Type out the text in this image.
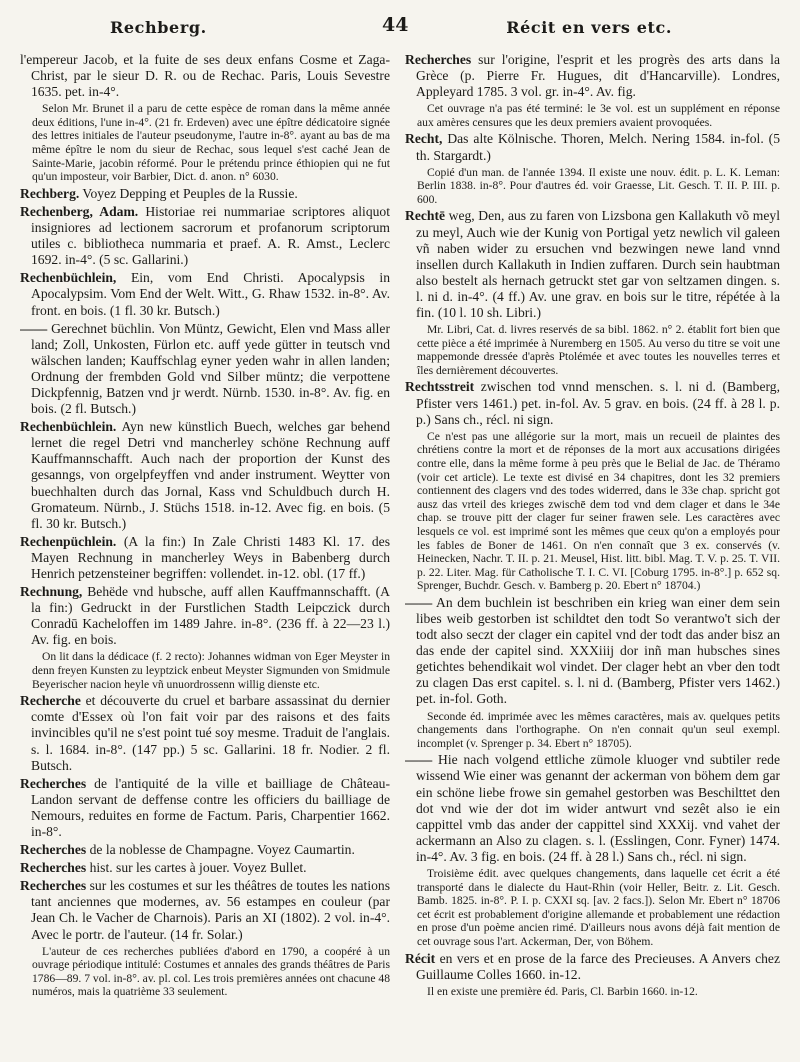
Rechberg.	44	Récit en vers etc.

l'empereur Jacob, et la fuite de ses deux enfans Cosme et Zaga-Christ, par le sieur D. R. ou de Rechac. Paris, Louis Sevestre 1635. pet. in-4°.

Selon Mr. Brunet il a paru de cette espèce de roman dans la même année deux éditions, l'une in-4°. (21 fr. Erdeven) avec une épître dédicatoire signée des lettres initiales de l'auteur pseudonyme, l'autre in-8°. ayant au bas de ma même épître le nom du sieur de Rechac, sous lequel s'est caché Jean de Sainte-Marie, jacobin réformé. Pour le prétendu prince éthiopien qui ne fut qu'un imposteur, voir Barbier, Dict. d. anon. n° 6030.

Rechberg. Voyez Depping et Peuples de la Russie.

Rechenberg, Adam. Historiae rei nummariae scriptores aliquot insigniores ad lectionem sacrorum et profanorum scriptorum utiles c. bibliotheca nummaria et praef. A. R. Amst., Leclerc 1692. in-4°. (5 sc. Gallarini.)

Rechenbüchlein, Ein, vom End Christi. Apocalypsis in Apocalypsim. Vom End der Welt. Witt., G. Rhaw 1532. in-8°. Av. front. en bois. (1 fl. 30 kr. Butsch.)

—— Gerechnet büchlin. Von Müntz, Gewicht, Elen vnd Mass aller land; Zoll, Unkosten, Fürlon etc. auff yede gütter in teutsch vnd wälschen landen; Kauffschlag eyner yeden wahr in allen landen; Ordnung der frembden Gold vnd Silber müntz; die verpottene Dickpfennig, Batzen vnd jr werdt. Nürnb. 1530. in-8°. Av. fig. en bois. (2 fl. Butsch.)

Rechenbüchlein. Ayn new künstlich Buech, welches gar behend lernet die regel Detri vnd mancherley schöne Rechnung auff Kauffmannschafft. Auch nach der proportion der Kunst des gesanngs, von orgelpfeyffen vnd ander instrument. Weytter von buechhalten durch das Jornal, Kass vnd Schuldbuch durch H. Gromateum. Nürnb., J. Stüchs 1518. in-12. Avec fig. en bois. (5 fl. 30 kr. Butsch.)

Rechenpüchlein. (A la fin:) In Zale Christi 1483 Kl. 17. des Mayen Rechnung in mancherley Weys in Babenberg durch Henrich petzensteiner begriffen: vollendet. in-12. obl. (17 ff.)

Rechnung, Behëde vnd hubsche, auff allen Kauffmannschafft. (A la fin:) Gedruckt in der Furstlichen Stadth Leipczick durch Conradū Kacheloffen im 1489 Jahre. in-8°. (236 ff. à 22—23 l.) Av. fig. en bois.

On lit dans la dédicace (f. 2 recto): Johannes widman von Eger Meyster in denn freyen Kunsten zu leyptzick enbeut Meyster Sigmunden von Smidmule Beyerischer nacion heyle vñ unuordrossenn willig dienste etc.

Recherche et découverte du cruel et barbare assassinat du dernier comte d'Essex où l'on fait voir par des raisons et des faits invincibles qu'il ne s'est point tué soy mesme. Traduit de l'anglais. s. l. 1684. in-8°. (147 pp.) 5 sc. Gallarini. 18 fr. Nodier. 2 fl. Butsch.

Recherches de l'antiquité de la ville et bailliage de Château-Landon servant de deffense contre les officiers du bailliage de Nemours, reduites en forme de Factum. Paris, Charpentier 1662. in-8°.

Recherches de la noblesse de Champagne. Voyez Caumartin.

Recherches hist. sur les cartes à jouer. Voyez Bullet.

Recherches sur les costumes et sur les théâtres de toutes les nations tant anciennes que modernes, av. 56 estampes en couleur (par Jean Ch. le Vacher de Charnois). Paris an XI (1802). 2 vol. in-4°. Avec le portr. de l'auteur. (14 fr. Solar.)

L'auteur de ces recherches publiées d'abord en 1790, a coopéré à un ouvrage périodique intitulé: Costumes et annales des grands théâtres de Paris 1786—89. 7 vol. in-8°. av. pl. col. Les trois premières années ont chacune 48 numéros, mais la quatrième 33 seulement.

Recherches sur l'origine, l'esprit et les progrès des arts dans la Grèce (p. Pierre Fr. Hugues, dit d'Hancarville). Londres, Appleyard 1785. 3 vol. gr. in-4°. Av. fig.

Cet ouvrage n'a pas été terminé: le 3e vol. est un supplément en réponse aux amères censures que les deux premiers avaient provoquées.

Recht, Das alte Kölnische. Thoren, Melch. Nering 1584. in-fol. (5 th. Stargardt.)

Copié d'un man. de l'année 1394. Il existe une nouv. édit. p. L. K. Leman: Berlin 1838. in-8°. Pour d'autres éd. voir Graesse, Lit. Gesch. T. II. P. III. p. 600.

Rechtē weg, Den, aus zu faren von Lizsbona gen Kallakuth võ meyl zu meyl, Auch wie der Kunig von Portigal yetz newlich vil galeen vñ naben wider zu ersuchen vnd bezwingen newe land vnnd insellen durch Kallakuth in Indien zuffaren. Durch sein haubtman also bestelt als hernach getruckt stet gar von seltzamen dingen. s. l. ni d. in-4°. (4 ff.) Av. une grav. en bois sur le titre, répétée à la fin. (10 l. 10 sh. Libri.)

Mr. Libri, Cat. d. livres reservés de sa bibl. 1862. n° 2. établit fort bien que cette pièce a été imprimée à Nuremberg en 1505. Au verso du titre se voit une mappemonde dressée d'après Ptolémée et avec toutes les nouvelles terres et îles dernièrement découvertes.

Rechtsstreit zwischen tod vnnd menschen. s. l. ni d. (Bamberg, Pfister vers 1461.) pet. in-fol. Av. 5 grav. en bois. (24 ff. à 28 l. p. p.) Sans ch., récl. ni sign.

Ce n'est pas une allégorie sur la mort, mais un recueil de plaintes des chrétiens contre la mort et de réponses de la mort aux accusations dirigées contre elle, dans la même forme à peu près que le Belial de Jac. de Théramo (voir cet article). Le texte est divisé en 34 chapitres, dont les 32 premiers contiennent des clagers vnd des todes widerred, dans le 33e chap. spricht got ausz das vrteil des krieges zwischē dem tod vnd dem clager et dans le 34e chap. se trouve pitt der clager fur seiner frawen sele. Les caractères avec lesquels ce vol. est imprimé sont les mêmes que ceux qu'on a employés pour les fables de Boner de 1461. On n'en connaît que 3 ex. conservés (v. Heinecken, Nachr. T. II. p. 21. Meusel, Hist. litt. bibl. Mag. T. V. p. 25. T. VII. p. 22. Liter. Mag. für Catholische T. I. C. VI. [Coburg 1795. in-8°.] p. 652 sq. Sprenger, Buchdr. Gesch. v. Bamberg p. 20. Ebert n° 18704.)

—— An dem buchlein ist beschriben ein krieg wan einer dem sein libes weib gestorben ist schildtet den todt So verantwo't sich der todt also seczt der clager ein capitel vnd der todt das ander bisz an das ende der capitel sind. XXXiiij dor inñ man hubsches sines getichtes behendikait wol vindet. Der clager hebt an vber den todt zu clagen Das erst capitel. s. l. ni d. (Bamberg, Pfister vers 1462.) pet. in-fol. Goth.

Seconde éd. imprimée avec les mêmes caractères, mais av. quelques petits changements dans l'orthographe. On n'en connait qu'un seul exempl. incomplet (v. Sprenger p. 34. Ebert n° 18705).

—— Hie nach volgend ettliche zümole kluoger vnd subtiler rede wissend Wie einer was genannt der ackerman von böhem dem gar ein schöne liebe frowe sin gemahel gestorben was Beschilttet den dot vnd wie der dot im wider antwurt vnd sezêt also ie ein cappittel vmb das ander der cappittel sind XXXij. vnd vahet der ackermann an Also zu clagen. s. l. (Esslingen, Conr. Fyner) 1474. in-4°. Av. 3 fig. en bois. (24 ff. à 28 l.) Sans ch., récl. ni sign.

Troisième édit. avec quelques changements, dans laquelle cet écrit a été transporté dans le dialecte du Haut-Rhin (voir Heller, Beitr. z. Lit. Gesch. Bamb. 1825. in-8°. P. I. p. CXXI sq. [av. 2 facs.]). Selon Mr. Ebert n° 18706 cet écrit est probablement d'origine allemande et probablement une rédaction en prose d'un poème ancien rimé. D'ailleurs nous avons déjà fait mention de cet ouvrage sous l'art. Ackerman, Der, von Böhem.

Récit en vers et en prose de la farce des Precieuses. A Anvers chez Guillaume Colles 1660. in-12.

Il en existe une première éd. Paris, Cl. Barbin 1660. in-12.
